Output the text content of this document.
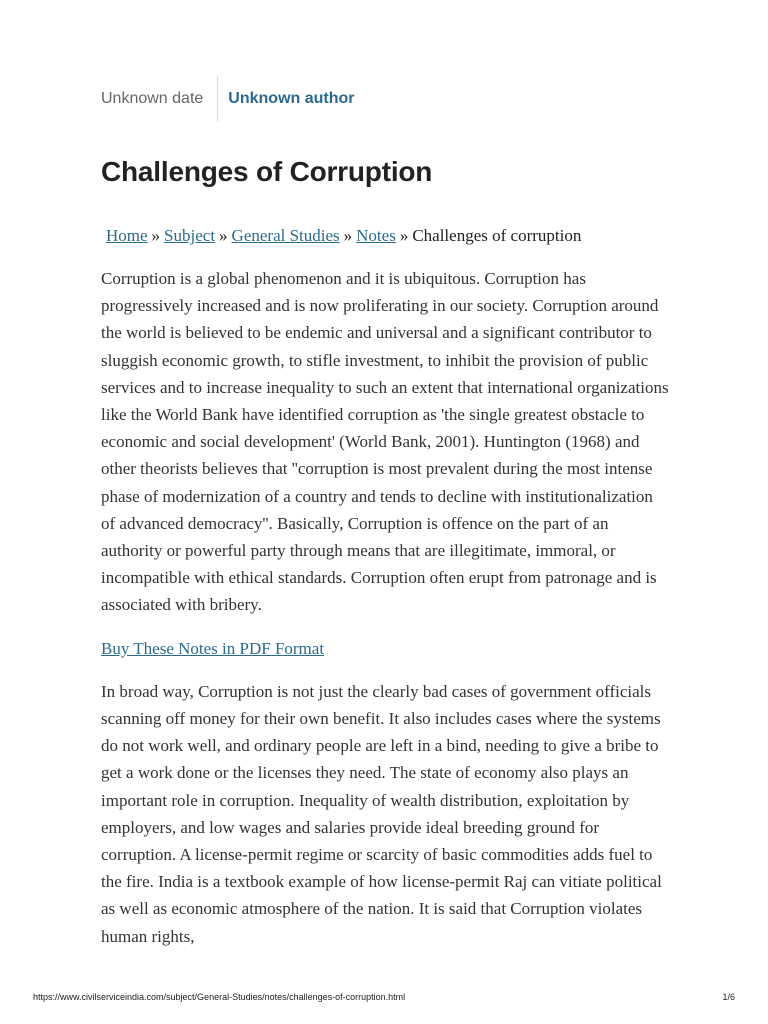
Unknown date	Unknown author
Challenges of Corruption
Home » Subject » General Studies » Notes » Challenges of corruption

Corruption is a global phenomenon and it is ubiquitous. Corruption has progressively increased and is now proliferating in our society. Corruption around the world is believed to be endemic and universal and a significant contributor to sluggish economic growth, to stifle investment, to inhibit the provision of public services and to increase inequality to such an extent that international organizations like the World Bank have identified corruption as 'the single greatest obstacle to economic and social development' (World Bank, 2001). Huntington (1968) and other theorists believes that ''corruption is most prevalent during the most intense phase of modernization of a country and tends to decline with institutionalization of advanced democracy''. Basically, Corruption is offence on the part of an authority or powerful party through means that are illegitimate, immoral, or incompatible with ethical standards. Corruption often erupt from patronage and is associated with bribery.

Buy These Notes in PDF Format

In broad way, Corruption is not just the clearly bad cases of government officials scanning off money for their own benefit. It also includes cases where the systems do not work well, and ordinary people are left in a bind, needing to give a bribe to get a work done or the licenses they need. The state of economy also plays an important role in corruption. Inequality of wealth distribution, exploitation by employers, and low wages and salaries provide ideal breeding ground for corruption. A license-permit regime or scarcity of basic commodities adds fuel to the fire. India is a textbook example of how license-permit Raj can vitiate political as well as economic atmosphere of the nation. It is said that Corruption violates human rights,

https://www.civilserviceindia.com/subject/General-Studies/notes/challenges-of-corruption.html	1/6
